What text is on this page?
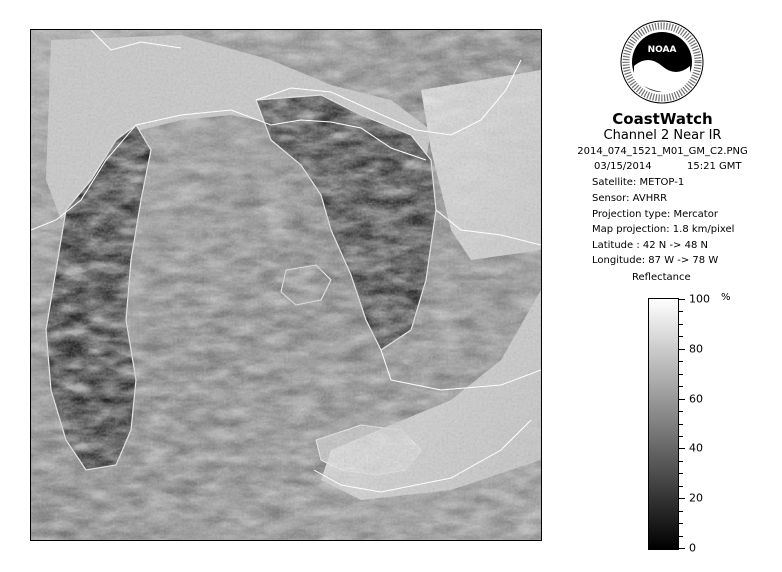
NOAA
CoastWatch
Channel 2 Near IR
2014_074_1521_M01_GM_C2.PNG
03/15/2014	15:21 GMT
Satellite: METOP-1
Sensor: AVHRR
Projection type: Mercator
Map projection: 1.8 km/pixel
Latitude : 42 N -> 48 N
Longitude: 87 W -> 78 W
Reflectance
%
100
80
60
40
20
0
